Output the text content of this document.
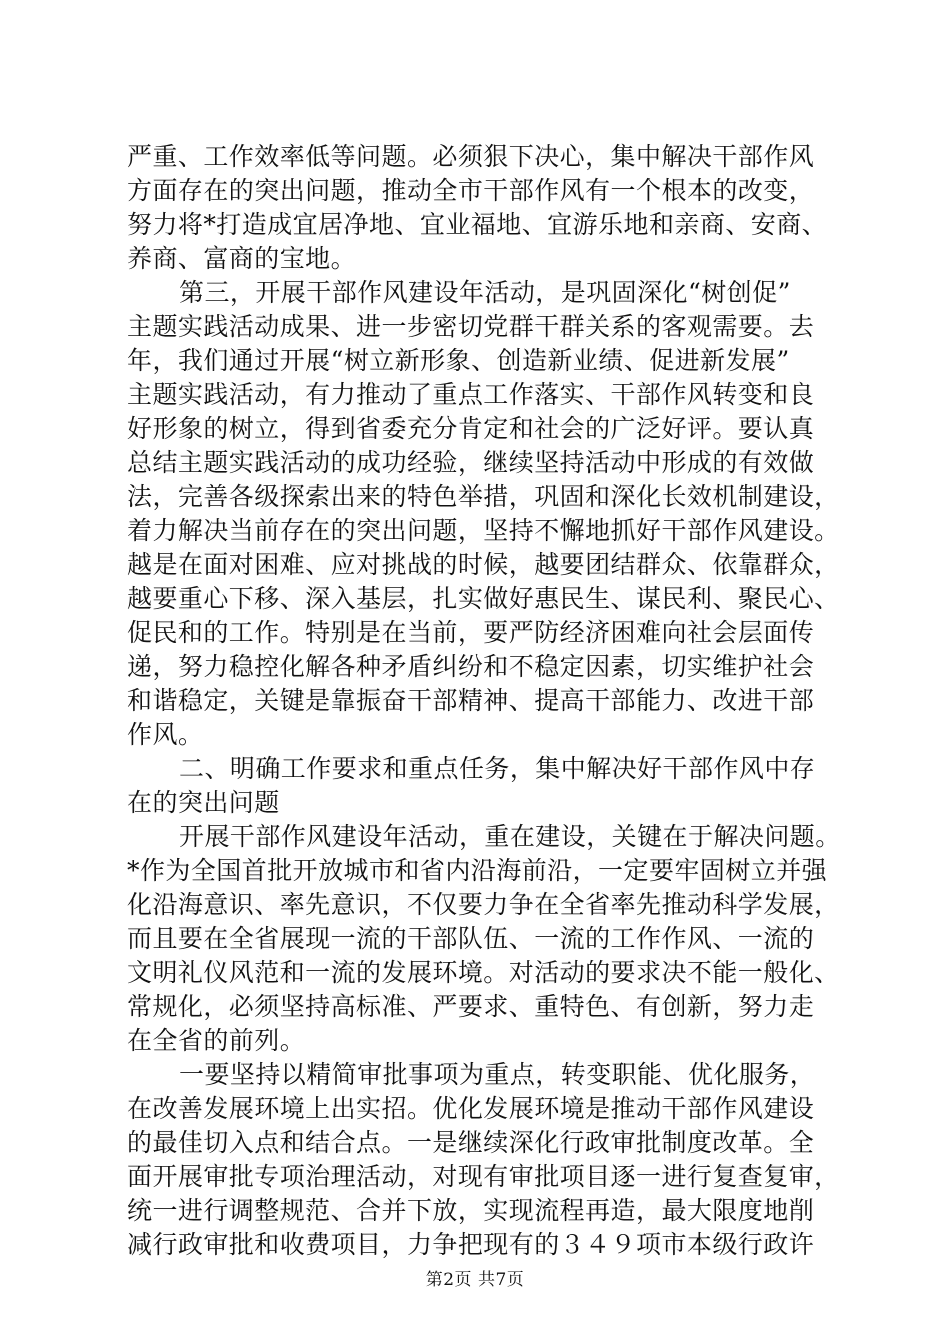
严重、工作效率低等问题。必须狠下决心，集中解决干部作风
方面存在的突出问题，推动全市干部作风有一个根本的改变，
努力将*打造成宜居净地、宜业福地、宜游乐地和亲商、安商、
养商、富商的宝地。
第三，开展干部作风建设年活动，是巩固深化“树创促”
主题实践活动成果、进一步密切党群干群关系的客观需要。去
年，我们通过开展“树立新形象、创造新业绩、促进新发展”
主题实践活动，有力推动了重点工作落实、干部作风转变和良
好形象的树立，得到省委充分肯定和社会的广泛好评。要认真
总结主题实践活动的成功经验，继续坚持活动中形成的有效做
法，完善各级探索出来的特色举措，巩固和深化长效机制建设，
着力解决当前存在的突出问题，坚持不懈地抓好干部作风建设。
越是在面对困难、应对挑战的时候，越要团结群众、依靠群众，
越要重心下移、深入基层，扎实做好惠民生、谋民利、聚民心、
促民和的工作。特别是在当前，要严防经济困难向社会层面传
递，努力稳控化解各种矛盾纠纷和不稳定因素，切实维护社会
和谐稳定，关键是靠振奋干部精神、提高干部能力、改进干部
作风。
二、明确工作要求和重点任务，集中解决好干部作风中存
在的突出问题
开展干部作风建设年活动，重在建设，关键在于解决问题。
*作为全国首批开放城市和省内沿海前沿，一定要牢固树立并强
化沿海意识、率先意识，不仅要力争在全省率先推动科学发展，
而且要在全省展现一流的干部队伍、一流的工作作风、一流的
文明礼仪风范和一流的发展环境。对活动的要求决不能一般化、
常规化，必须坚持高标准、严要求、重特色、有创新，努力走
在全省的前列。
一要坚持以精简审批事项为重点，转变职能、优化服务，
在改善发展环境上出实招。优化发展环境是推动干部作风建设
的最佳切入点和结合点。一是继续深化行政审批制度改革。全
面开展审批专项治理活动，对现有审批项目逐一进行复查复审，
统一进行调整规范、合并下放，实现流程再造，最大限度地削
减行政审批和收费项目，力争把现有的３４９项市本级行政许
第2页 共7页
